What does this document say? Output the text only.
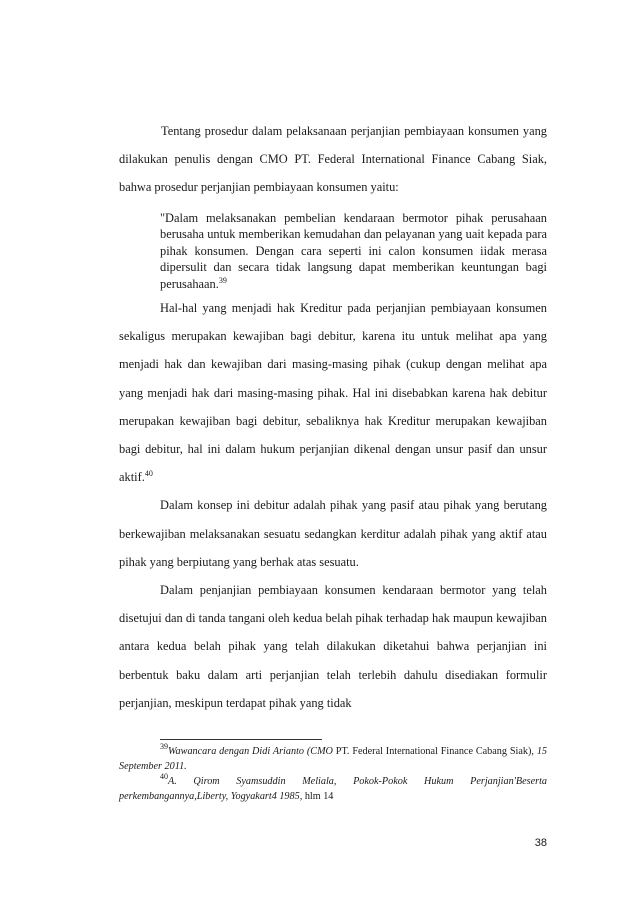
Tentang prosedur dalam pelaksanaan perjanjian pembiayaan konsumen yang dilakukan penulis dengan CMO PT. Federal International Finance Cabang Siak, bahwa prosedur perjanjian pembiayaan konsumen yaitu:

"Dalam melaksanakan pembelian kendaraan bermotor pihak perusahaan berusaha untuk memberikan kemudahan dan pelayanan yang uait kepada para pihak konsumen. Dengan cara seperti ini calon konsumen iidak merasa dipersulit dan secara tidak langsung dapat memberikan keuntungan bagi perusahaan.$^{39}$

Hal-hal yang menjadi hak Kreditur pada perjanjian pembiayaan konsumen sekaligus merupakan kewajiban bagi debitur, karena itu untuk melihat apa yang menjadi hak dan kewajiban dari masing-masing pihak (cukup dengan melihat apa yang menjadi hak dari masing-masing pihak. Hal ini disebabkan karena hak debitur merupakan kewajiban bagi debitur, sebaliknya hak Kreditur merupakan kewajiban bagi debitur, hal ini dalam hukum perjanjian dikenal dengan unsur pasif dan unsur aktif.$^{40}$

Dalam konsep ini debitur adalah pihak yang pasif atau pihak yang berutang berkewajiban melaksanakan sesuatu sedangkan kerditur adalah pihak yang aktif atau pihak yang berpiutang yang berhak atas sesuatu.

Dalam penjanjian pembiayaan konsumen kendaraan bermotor yang telah disetujui dan di tanda tangani oleh kedua belah pihak terhadap hak maupun kewajiban antara kedua belah pihak yang telah dilakukan diketahui bahwa perjanjian ini berbentuk baku dalam arti perjanjian telah terlebih dahulu disediakan formulir perjanjian, meskipun terdapat pihak yang tidak

$^{39}$Wawancara dengan Didi Arianto (CMO PT. Federal International Finance Cabang Siak), 15 September 2011.

$^{40}$A. Qirom Syamsuddin Meliala, Pokok-Pokok Hukum Perjanjian'Beserta perkembangannya,Liberty, Yogyakart4 1985, hlm 14

38
